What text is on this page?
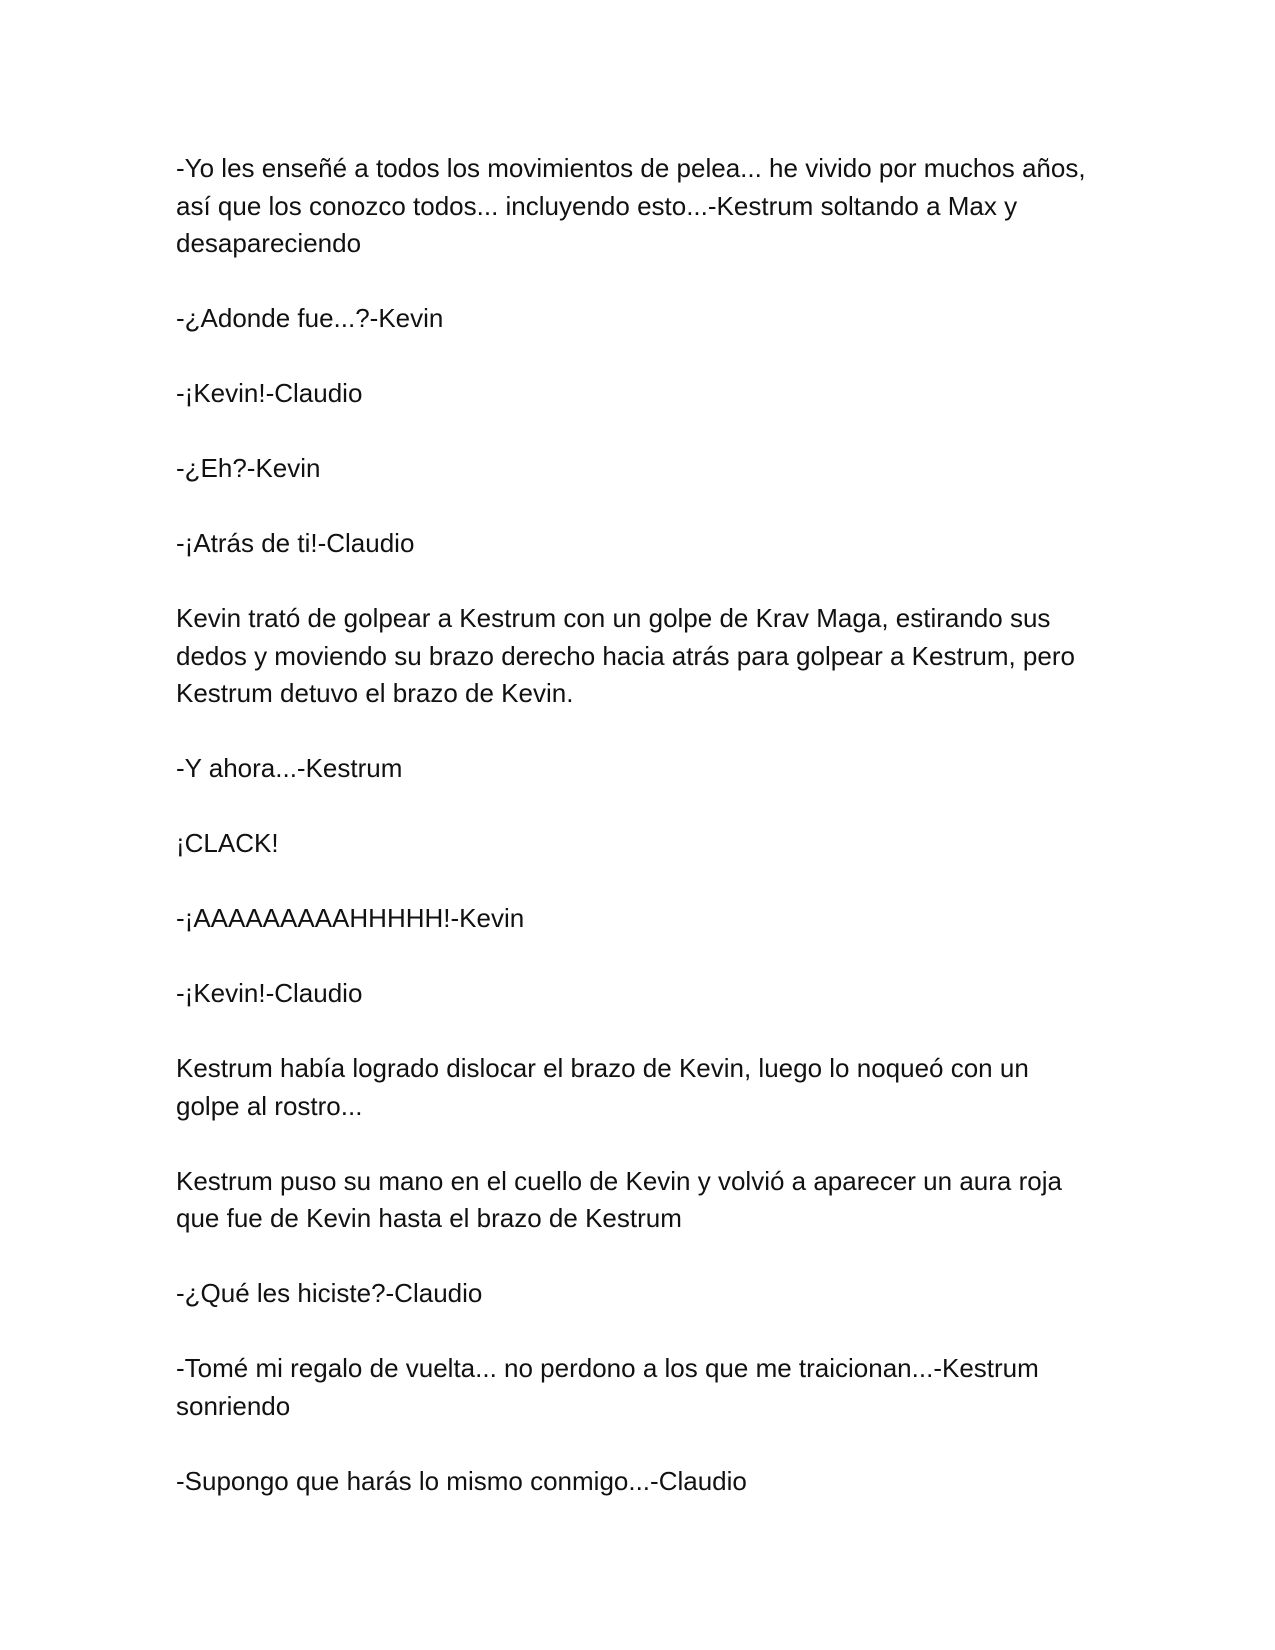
-Yo les enseñé a todos los movimientos de pelea... he vivido por muchos años, así que los conozco todos... incluyendo esto...-Kestrum soltando a Max y desapareciendo

-¿Adonde fue...?-Kevin

-¡Kevin!-Claudio

-¿Eh?-Kevin

-¡Atrás de ti!-Claudio

Kevin trató de golpear a Kestrum con un golpe de Krav Maga, estirando sus dedos y moviendo su brazo derecho hacia atrás para golpear a Kestrum, pero Kestrum detuvo el brazo de Kevin.

-Y ahora...-Kestrum

¡CLACK!

-¡AAAAAAAAAHHHHH!-Kevin

-¡Kevin!-Claudio

Kestrum había logrado dislocar el brazo de Kevin, luego lo noqueó con un golpe al rostro...

Kestrum puso su mano en el cuello de Kevin y volvió a aparecer un aura roja que fue de Kevin hasta el brazo de Kestrum

-¿Qué les hiciste?-Claudio

-Tomé mi regalo de vuelta... no perdono a los que me traicionan...-Kestrum sonriendo

-Supongo que harás lo mismo conmigo...-Claudio
